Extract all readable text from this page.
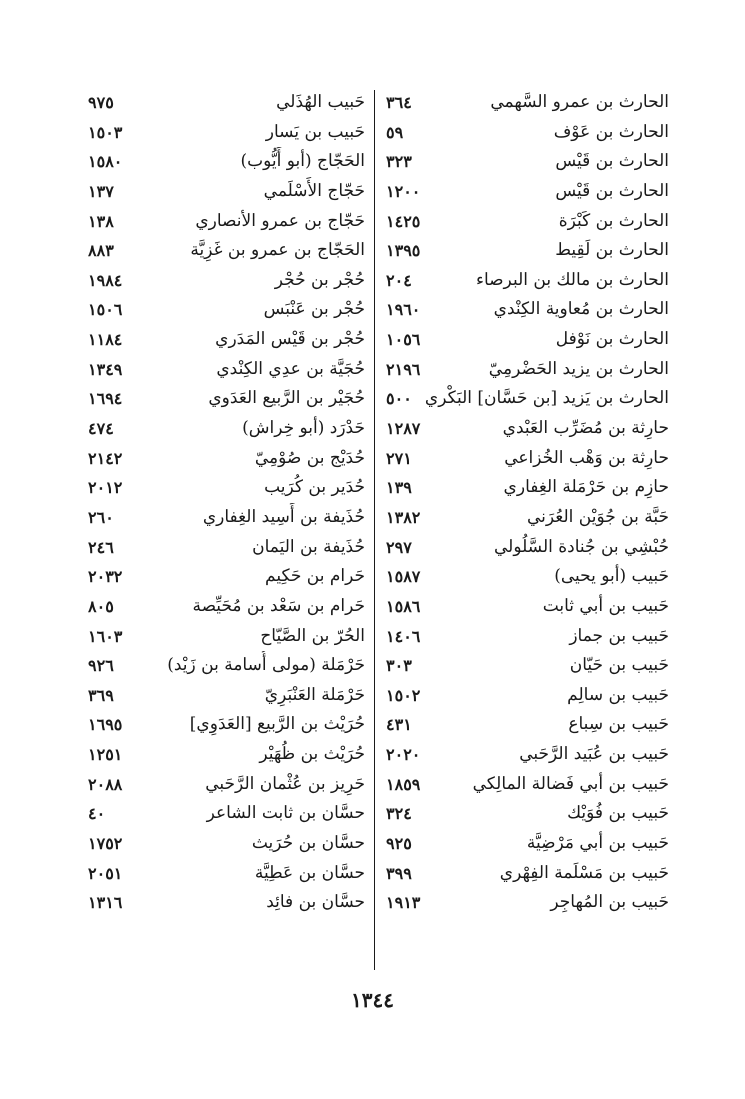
الحارث بن عمرو السَّهمي
٣٦٤
حَبيب الهُذَلي
٩٧٥
الحارث بن عَوْف
٥٩
حَبيب بن يَسار
١٥٠٣
الحارث بن قَيْس
٣٢٣
الحَجّاج (أبو أَيُّوب)
١٥٨٠
الحارث بن قَيْس
١٢٠٠
حَجّاج الأَسْلَمي
١٣٧
الحارث بن كَبْرَة
١٤٢٥
حَجّاج بن عمرو الأنصاري
١٣٨
الحارث بن لَقِيط
١٣٩٥
الحَجّاج بن عمرو بن غَزِيَّة
٨٨٣
الحارث بن مالك بن البرصاء
٢٠٤
حُجْر بن حُجْر
١٩٨٤
الحارث بن مُعاوية الكِنْدي
١٩٦٠
حُجْر بن عَنْبَس
١٥٠٦
الحارث بن نَوْفل
١٠٥٦
حُجْر بن قَيْس المَدَري
١١٨٤
الحارث بن يزيد الحَضْرمِيّ
٢١٩٦
حُجَيَّة بن عدِي الكِنْدي
١٣٤٩
الحارث بن يَزيد [بن حَسَّان] البَكْري
٥٠٠
حُجَيْر بن الرَّبيع العَدَوي
١٦٩٤
حارِثة بن مُضَرِّب العَبْدي
١٢٨٧
حَدْرَد (أبو خِراش)
٤٧٤
حارِثة بن وَهْب الخُزاعي
٢٧١
حُدَيْج بن صُوْمِيّ
٢١٤٢
حازِم بن حَرْمَلة الغِفاري
١٣٩
حُدَير بن كُرَيب
٢٠١٢
حَبَّة بن جُوَيْن العُرَني
١٣٨٢
حُذَيفة بن أَسِيد الغِفاري
٢٦٠
حُبْشِي بن جُنادة السَّلُولي
٢٩٧
حُذَيفة بن اليَمان
٢٤٦
حَبيب (أبو يحيى)
١٥٨٧
حَرام بن حَكِيم
٢٠٣٢
حَبيب بن أبي ثابت
١٥٨٦
حَرام بن سَعْد بن مُحَيِّصة
٨٠٥
حَبيب بن جماز
١٤٠٦
الحُرّ بن الصَّيّاح
١٦٠٣
حَبيب بن حَيّان
٣٠٣
حَرْمَلة (مولى أُسامة بن زَيْد)
٩٢٦
حَبيب بن سالِم
١٥٠٢
حَرْمَلة العَنْبَرِيّ
٣٦٩
حَبيب بن سِباع
٤٣١
حُرَيْث بن الرَّبيع [العَدَوِي]
١٦٩٥
حَبيب بن عُبَيد الرَّحَبي
٢٠٢٠
حُرَيْث بن ظُهَيْر
١٢٥١
حَبيب بن أبي فَضالة المالِكي
١٨٥٩
حَرِيز بن عُثْمان الرَّحَبي
٢٠٨٨
حَبيب بن فُوَيْك
٣٢٤
حسَّان بن ثابت الشاعر
٤٠
حَبيب بن أبي مَرْضِيَّة
٩٢٥
حسَّان بن حُرَيث
١٧٥٢
حَبيب بن مَسْلَمة الفِهْري
٣٩٩
حسَّان بن عَطِيَّة
٢٠٥١
حَبيب بن المُهاجِر
١٩١٣
حسَّان بن فائِد
١٣١٦
١٣٤٤
